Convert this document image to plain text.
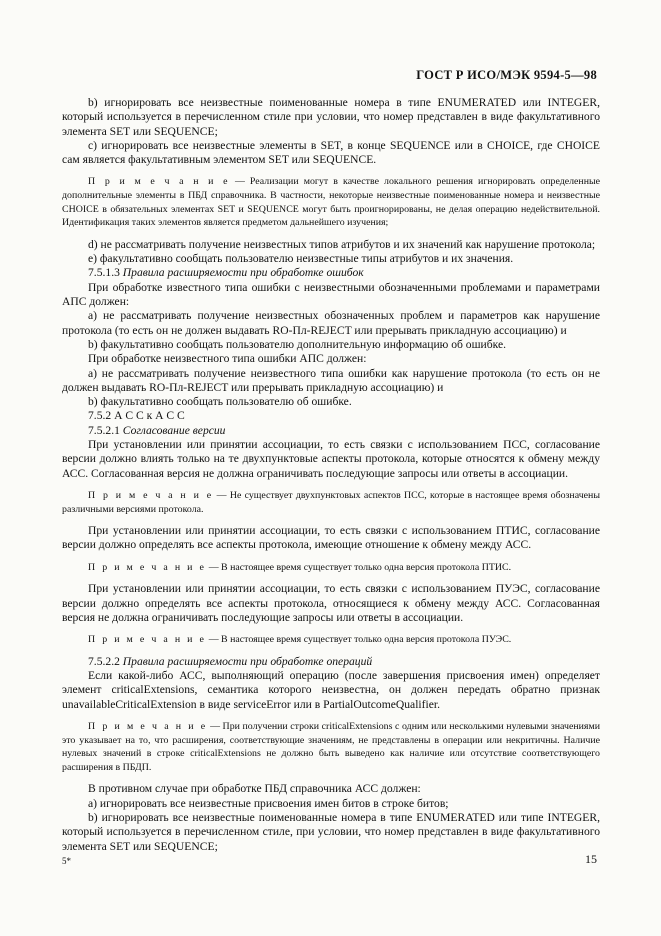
ГОСТ Р ИСО/МЭК 9594-5—98

b) игнорировать все неизвестные поименованные номера в типе ENUMERATED или INTEGER, который используется в перечисленном стиле при условии, что номер представлен в виде факультативного элемента SET или SEQUENCE;

c) игнорировать все неизвестные элементы в SET, в конце SEQUENCE или в CHOICE, где CHOICE сам является факультативным элементом SET или SEQUENCE.

П р и м е ч а н и е — Реализации могут в качестве локального решения игнорировать определенные дополнительные элементы в ПБД справочника. В частности, некоторые неизвестные поименованные номера и неизвестные CHOICE в обязательных элементах SET и SEQUENCE могут быть проигнорированы, не делая операцию недействительной. Идентификация таких элементов является предметом дальнейшего изучения;

d) не рассматривать получение неизвестных типов атрибутов и их значений как нарушение протокола;

e) факультативно сообщать пользователю неизвестные типы атрибутов и их значения.

7.5.1.3 Правила расширяемости при обработке ошибок

При обработке известного типа ошибки с неизвестными обозначенными проблемами и параметрами АПС должен:

a) не рассматривать получение неизвестных обозначенных проблем и параметров как нарушение протокола (то есть он не должен выдавать RO-Пл-REJECT или прерывать прикладную ассоциацию) и

b) факультативно сообщать пользователю дополнительную информацию об ошибке.

При обработке неизвестного типа ошибки АПС должен:

a) не рассматривать получение неизвестного типа ошибки как нарушение протокола (то есть он не должен выдавать RO-Пл-REJECT или прерывать прикладную ассоциацию) и

b) факультативно сообщать пользователю об ошибке.

7.5.2 А С С к А С С

7.5.2.1 Согласование версии

При установлении или принятии ассоциации, то есть связки с использованием ПСС, согласование версии должно влиять только на те двухпунктовые аспекты протокола, которые относятся к обмену между АСС. Согласованная версия не должна ограничивать последующие запросы или ответы в ассоциации.

П р и м е ч а н и е — Не существует двухпунктовых аспектов ПСС, которые в настоящее время обозначены различными версиями протокола.

При установлении или принятии ассоциации, то есть связки с использованием ПТИС, согласование версии должно определять все аспекты протокола, имеющие отношение к обмену между АСС.

П р и м е ч а н и е — В настоящее время существует только одна версия протокола ПТИС.

При установлении или принятии ассоциации, то есть связки с использованием ПУЭС, согласование версии должно определять все аспекты протокола, относящиеся к обмену между АСС. Согласованная версия не должна ограничивать последующие запросы или ответы в ассоциации.

П р и м е ч а н и е — В настоящее время существует только одна версия протокола ПУЭС.

7.5.2.2 Правила расширяемости при обработке операций

Если какой-либо АСС, выполняющий операцию (после завершения присвоения имен) определяет элемент criticalExtensions, семантика которого неизвестна, он должен передать обратно признак unavailableCriticalExtension в виде serviceError или в PartialOutcomeQualifier.

П р и м е ч а н и е — При получении строки criticalExtensions с одним или несколькими нулевыми значениями это указывает на то, что расширения, соответствующие значениям, не представлены в операции или некритичны. Наличие нулевых значений в строке criticalExtensions не должно быть выведено как наличие или отсутствие соответствующего расширения в ПБДП.

В противном случае при обработке ПБД справочника АСС должен:

a) игнорировать все неизвестные присвоения имен битов в строке битов;

b) игнорировать все неизвестные поименованные номера в типе ENUMERATED или типе INTEGER, который используется в перечисленном стиле, при условии, что номер представлен в виде факультативного элемента SET или SEQUENCE;

5*	15
